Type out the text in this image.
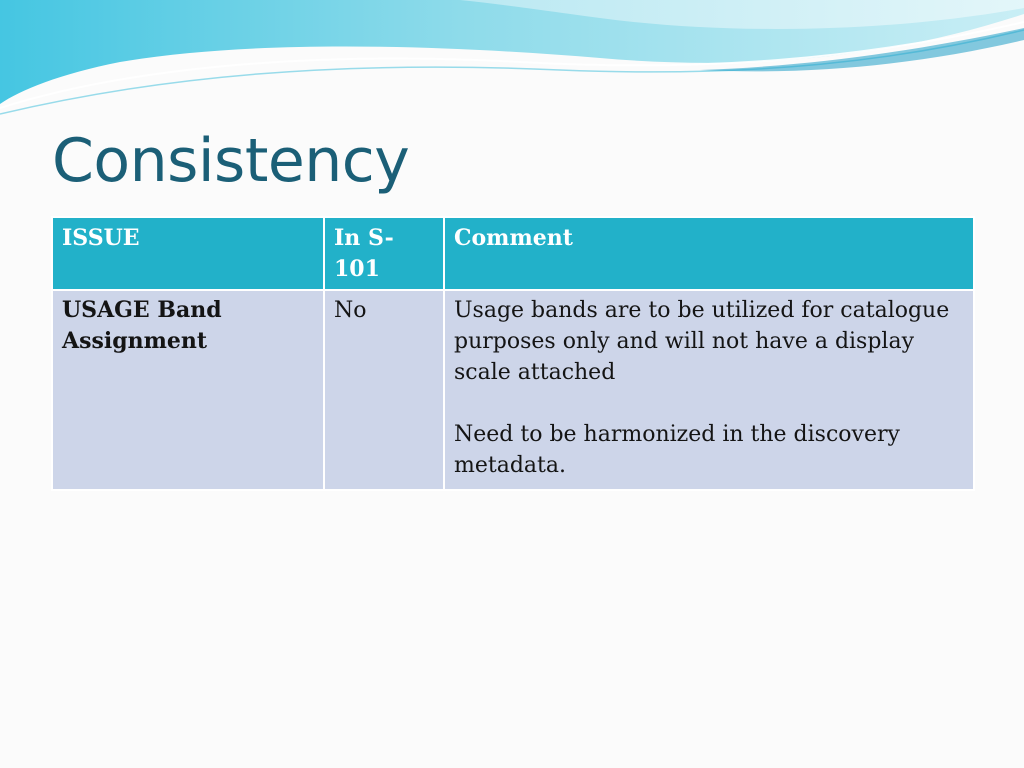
Consistency
ISSUE	In S-101	Comment
USAGE Band Assignment	No	Usage bands are to be utilized for catalogue purposes only and will not have a display scale attached
Need to be harmonized in the discovery metadata.
